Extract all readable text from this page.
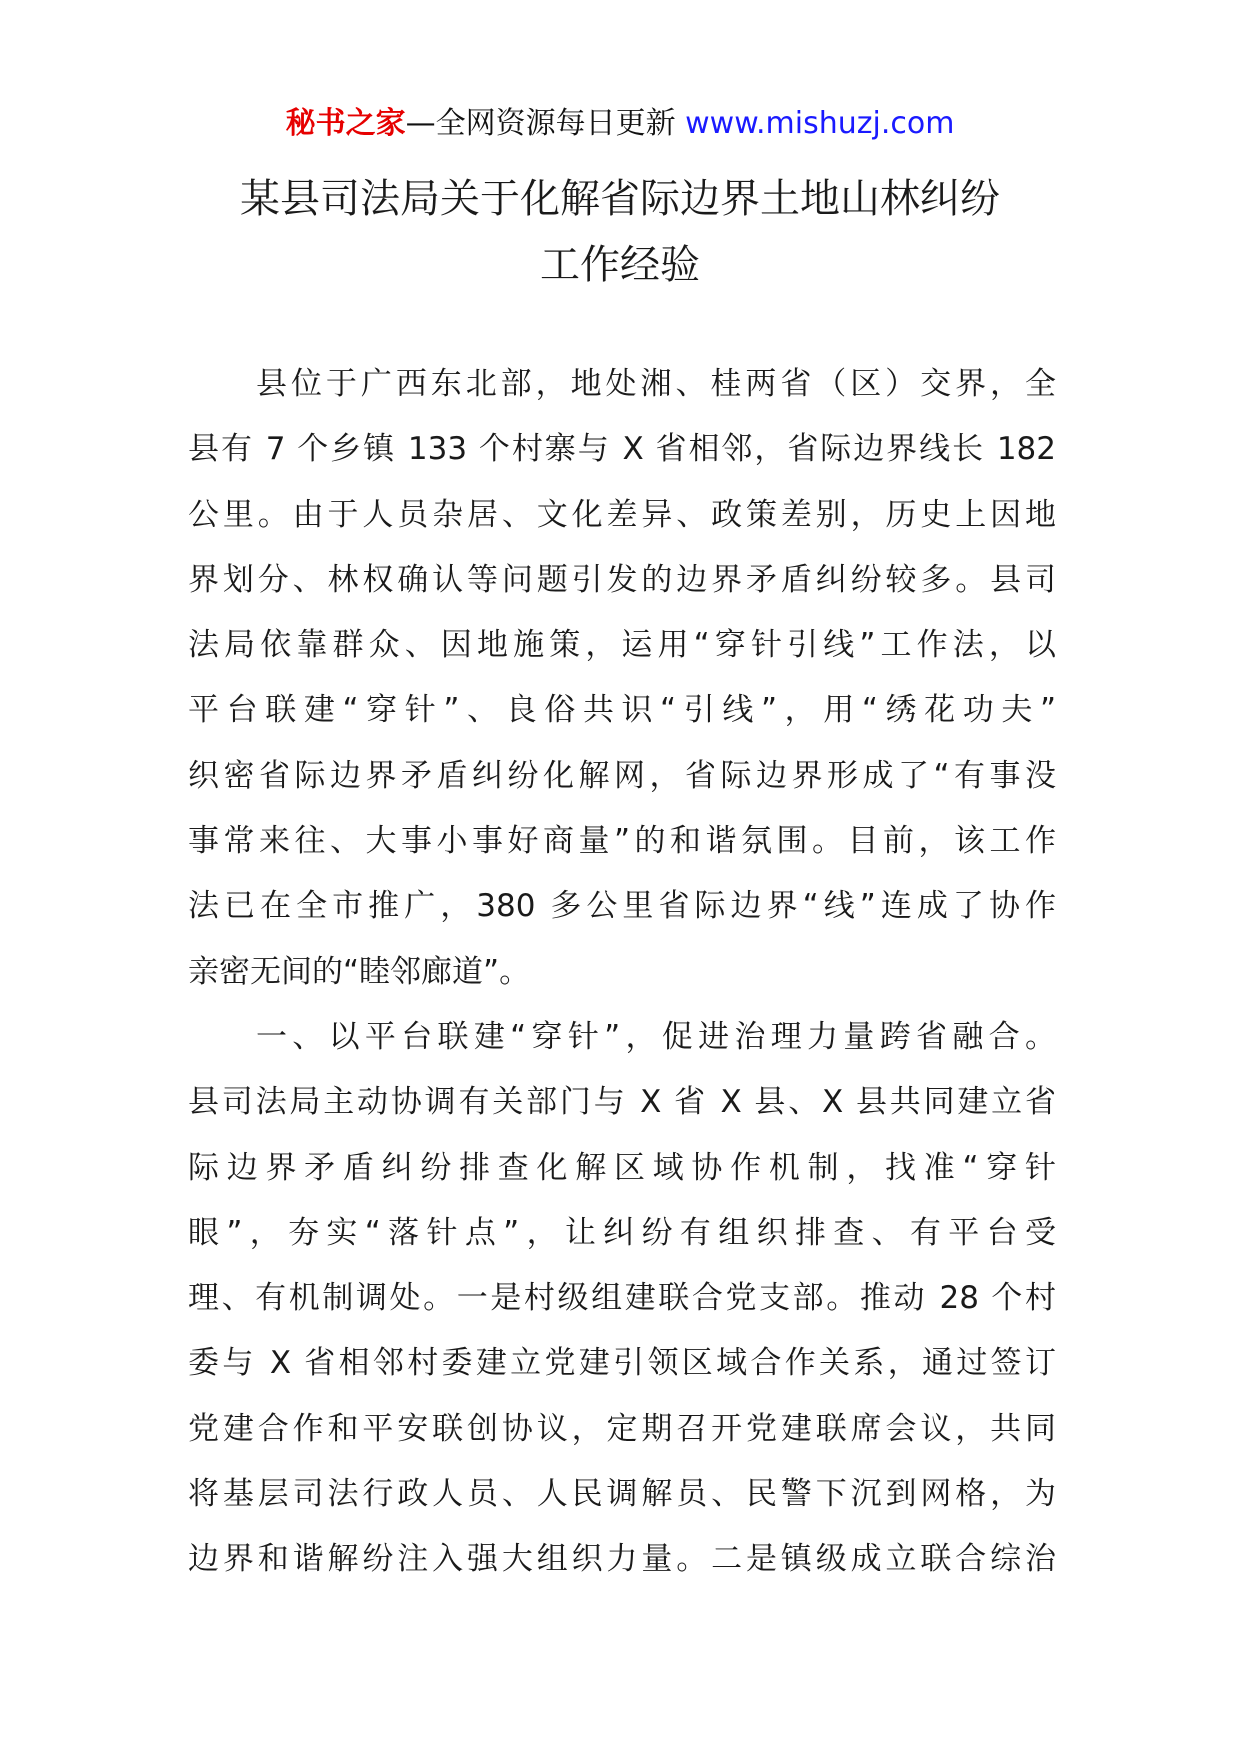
秘书之家—全网资源每日更新 www.mishuzj.com
某县司法局关于化解省际边界土地山林纠纷
工作经验
县位于广西东北部，地处湘、桂两省（区）交界，全
县有 7 个乡镇 133 个村寨与 X 省相邻，省际边界线长 182
公里。由于人员杂居、文化差异、政策差别，历史上因地
界划分、林权确认等问题引发的边界矛盾纠纷较多。县司
法局依靠群众、因地施策，运用“穿针引线”工作法，以
平台联建“穿针”、良俗共识“引线”，用“绣花功夫”
织密省际边界矛盾纠纷化解网，省际边界形成了“有事没
事常来往、大事小事好商量”的和谐氛围。目前，该工作
法已在全市推广，380 多公里省际边界“线”连成了协作
亲密无间的“睦邻廊道”。
一、以平台联建“穿针”，促进治理力量跨省融合。
县司法局主动协调有关部门与 X 省 X 县、X 县共同建立省
际边界矛盾纠纷排查化解区域协作机制，找准“穿针
眼”，夯实“落针点”，让纠纷有组织排查、有平台受
理、有机制调处。一是村级组建联合党支部。推动 28 个村
委与 X 省相邻村委建立党建引领区域合作关系，通过签订
党建合作和平安联创协议，定期召开党建联席会议，共同
将基层司法行政人员、人民调解员、民警下沉到网格，为
边界和谐解纷注入强大组织力量。二是镇级成立联合综治
